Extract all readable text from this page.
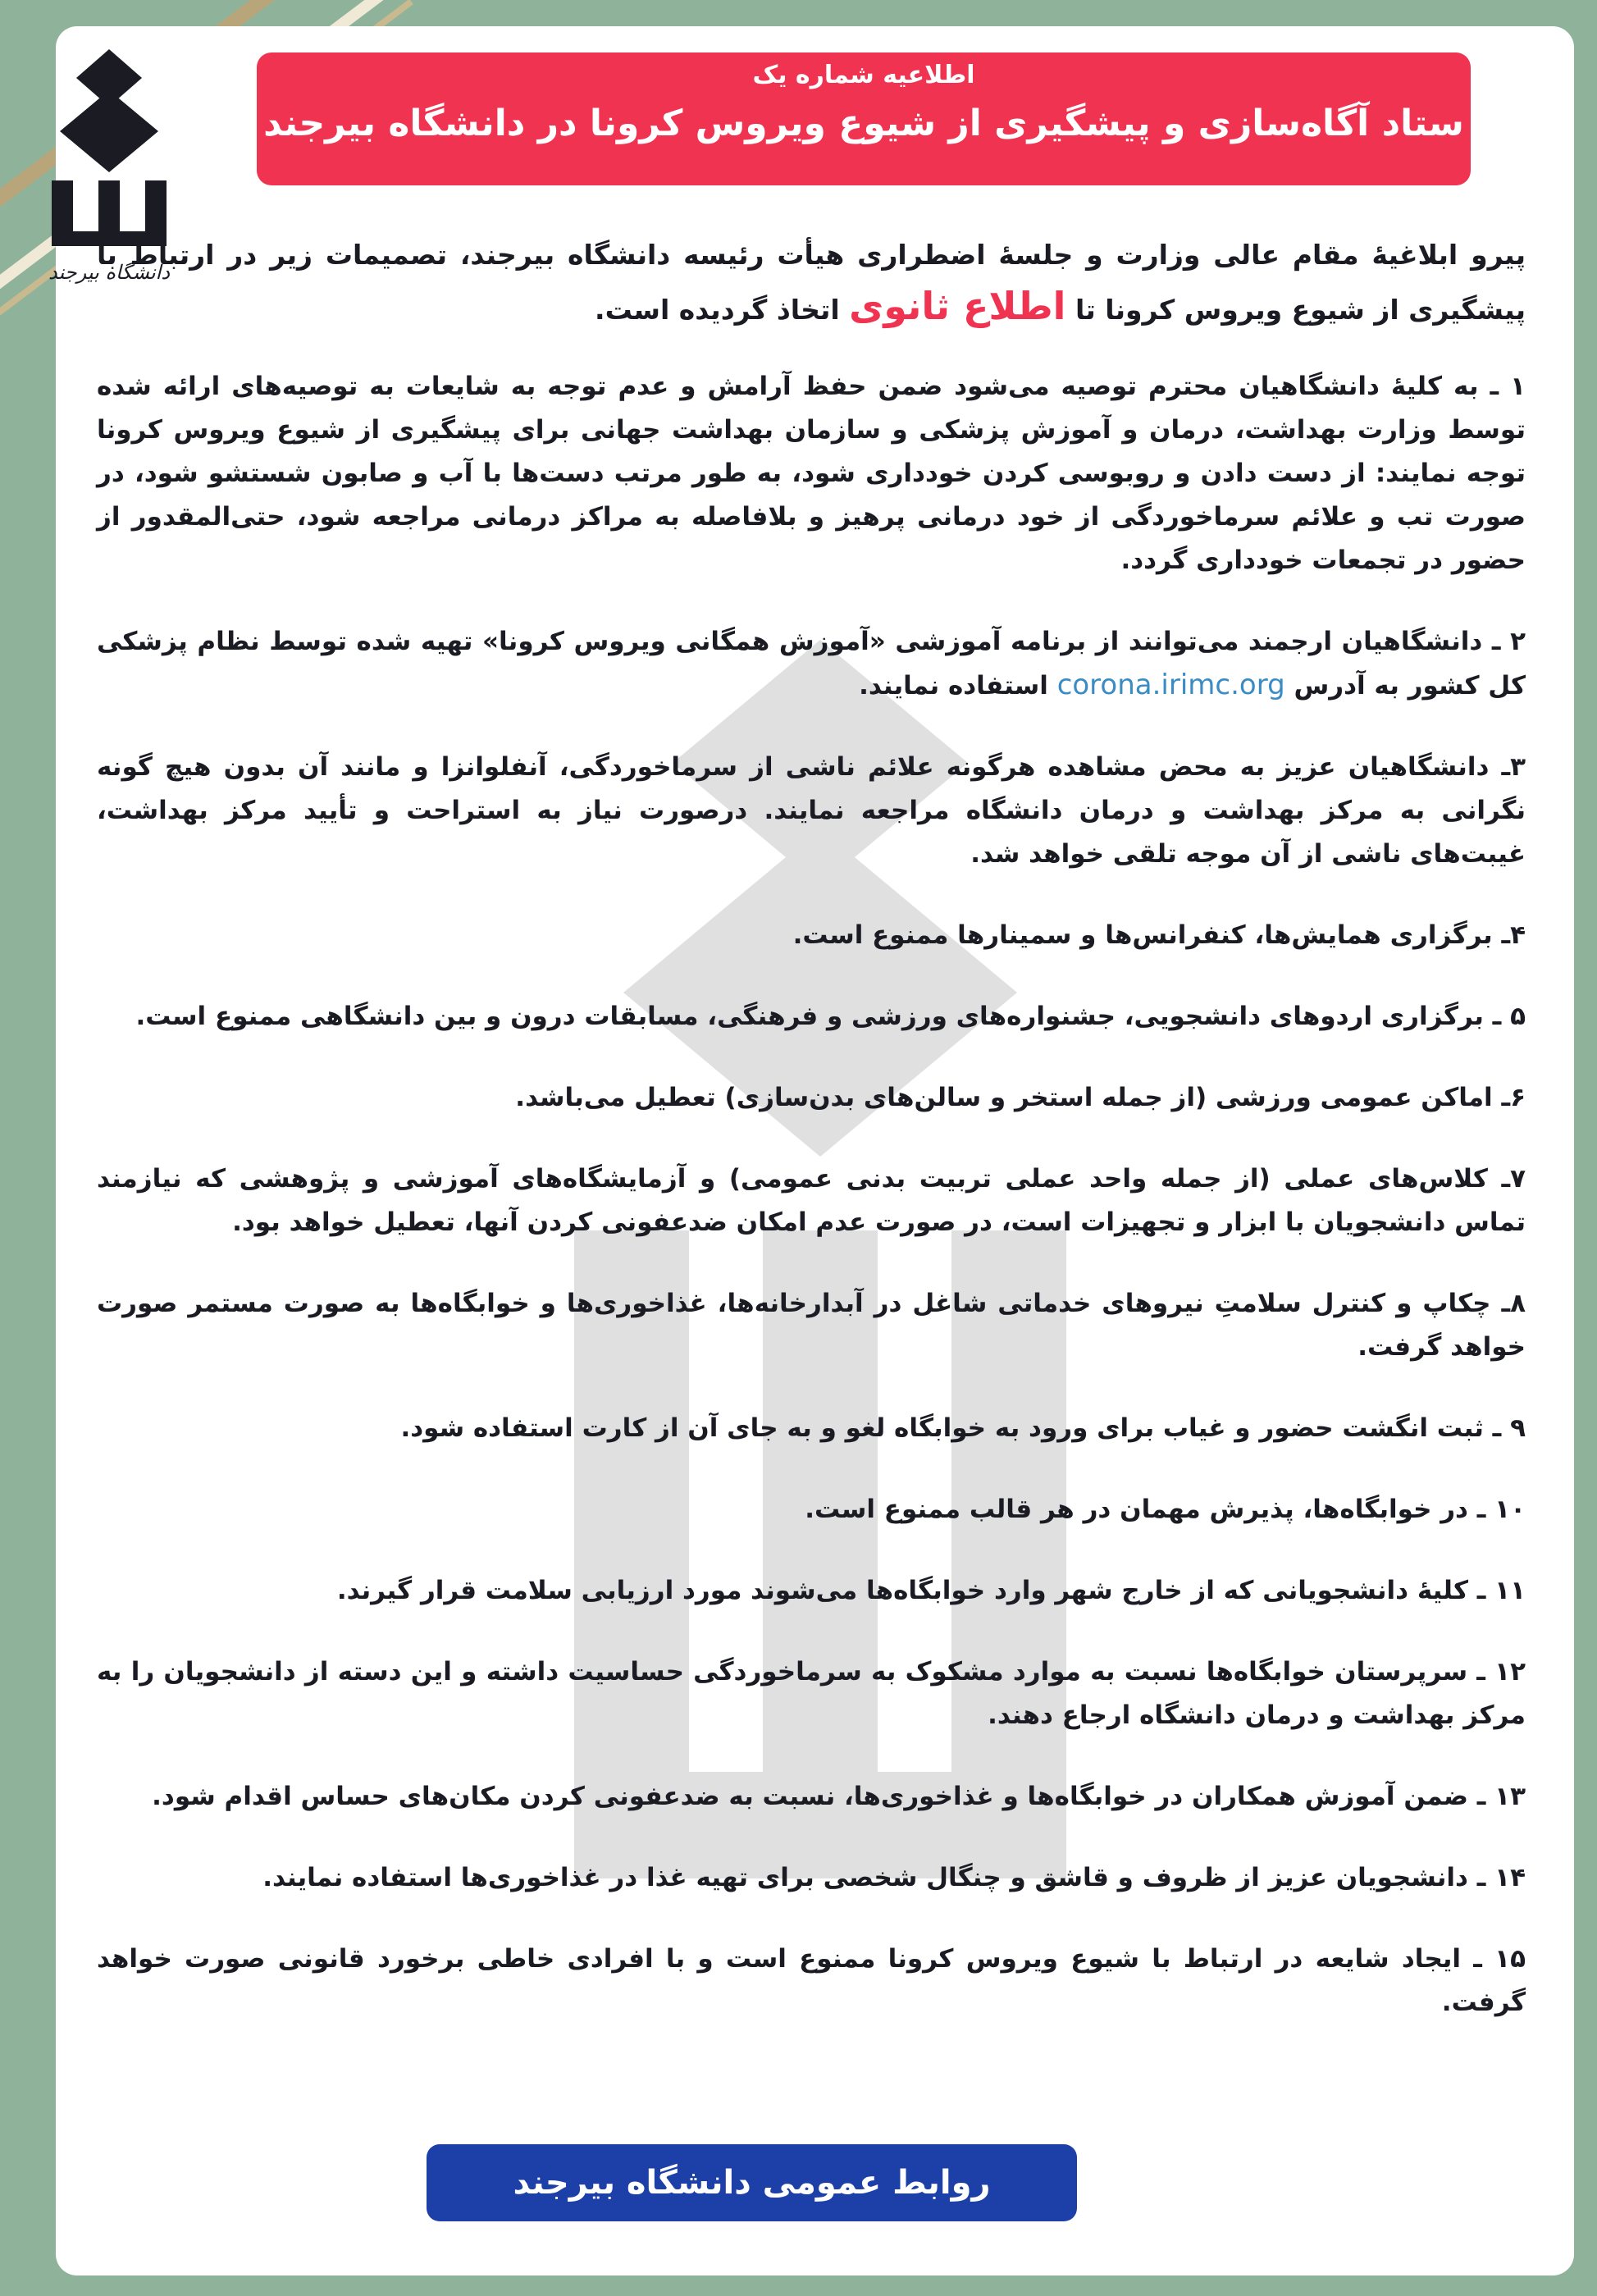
دانشگاه بیرجند
اطلاعیه شماره یک
ستاد آگاه‌سازی و پیشگیری از شیوع ویروس کرونا در دانشگاه بیرجند

پیرو ابلاغیهٔ مقام عالی وزارت و جلسهٔ اضطراری هیأت رئیسه دانشگاه بیرجند، تصمیمات زیر در ارتباط با پیشگیری از شیوع ویروس کرونا تا اطلاع ثانوی اتخاذ گردیده است.

۱ ـ به کلیهٔ دانشگاهیان محترم توصیه می‌شود ضمن حفظ آرامش و عدم توجه به شایعات به توصیه‌های ارائه شده توسط وزارت بهداشت، درمان و آموزش پزشکی و سازمان بهداشت جهانی برای پیشگیری از شیوع ویروس کرونا توجه نمایند: از دست دادن و روبوسی کردن خودداری شود، به طور مرتب دست‌ها با آب و صابون شستشو شود، در صورت تب و علائم سرماخوردگی از خود درمانی پرهیز و بلافاصله به مراکز درمانی مراجعه شود، حتی‌المقدور از حضور در تجمعات خودداری گردد.

۲ ـ دانشگاهیان ارجمند می‌توانند از برنامه آموزشی «آموزش همگانی ویروس کرونا» تهیه شده توسط نظام پزشکی کل کشور به آدرس corona.irimc.org استفاده نمایند.

۳ـ دانشگاهیان عزیز به محض مشاهده هرگونه علائم ناشی از سرماخوردگی، آنفلوانزا و مانند آن بدون هیچ گونه نگرانی به مرکز بهداشت و درمان دانشگاه مراجعه نمایند. درصورت نیاز به استراحت و تأیید مرکز بهداشت، غیبت‌های ناشی از آن موجه تلقی خواهد شد.

۴ـ برگزاری همایش‌ها، کنفرانس‌ها و سمینارها ممنوع است.

۵ ـ برگزاری اردوهای دانشجویی، جشنواره‌های ورزشی و فرهنگی، مسابقات درون و بین دانشگاهی ممنوع است.

۶ـ اماکن عمومی ورزشی (از جمله استخر و سالن‌های بدن‌سازی) تعطیل می‌باشد.

۷ـ کلاس‌های عملی (از جمله واحد عملی تربیت بدنی عمومی) و آزمایشگاه‌های آموزشی و پژوهشی که نیازمند تماس دانشجویان با ابزار و تجهیزات است، در صورت عدم امکان ضدعفونی کردن آنها، تعطیل خواهد بود.

۸ـ چکاپ و کنترل سلامتِ نیروهای خدماتی شاغل در آبدارخانه‌ها، غذاخوری‌ها و خوابگاه‌ها به صورت مستمر صورت خواهد گرفت.

۹ ـ ثبت انگشت حضور و غیاب برای ورود به خوابگاه لغو و به جای آن از کارت استفاده شود.

۱۰ ـ در خوابگاه‌ها، پذیرش مهمان در هر قالب ممنوع است.

۱۱ ـ کلیهٔ دانشجویانی که از خارج شهر وارد خوابگاه‌ها می‌شوند مورد ارزیابی سلامت قرار گیرند.

۱۲ ـ سرپرستان خوابگاه‌ها نسبت به موارد مشکوک به سرماخوردگی حساسیت داشته و این دسته از دانشجویان را به مرکز بهداشت و درمان دانشگاه ارجاع دهند.

۱۳ ـ ضمن آموزش همکاران در خوابگاه‌ها و غذاخوری‌ها، نسبت به ضدعفونی کردن مکان‌های حساس اقدام شود.

۱۴ ـ دانشجویان عزیز از ظروف و قاشق و چنگال شخصی برای تهیه غذا در غذاخوری‌ها استفاده نمایند.

۱۵ ـ ایجاد شایعه در ارتباط با شیوع ویروس کرونا ممنوع است و با افرادی خاطی برخورد قانونی صورت خواهد گرفت.

روابط عمومی دانشگاه بیرجند
